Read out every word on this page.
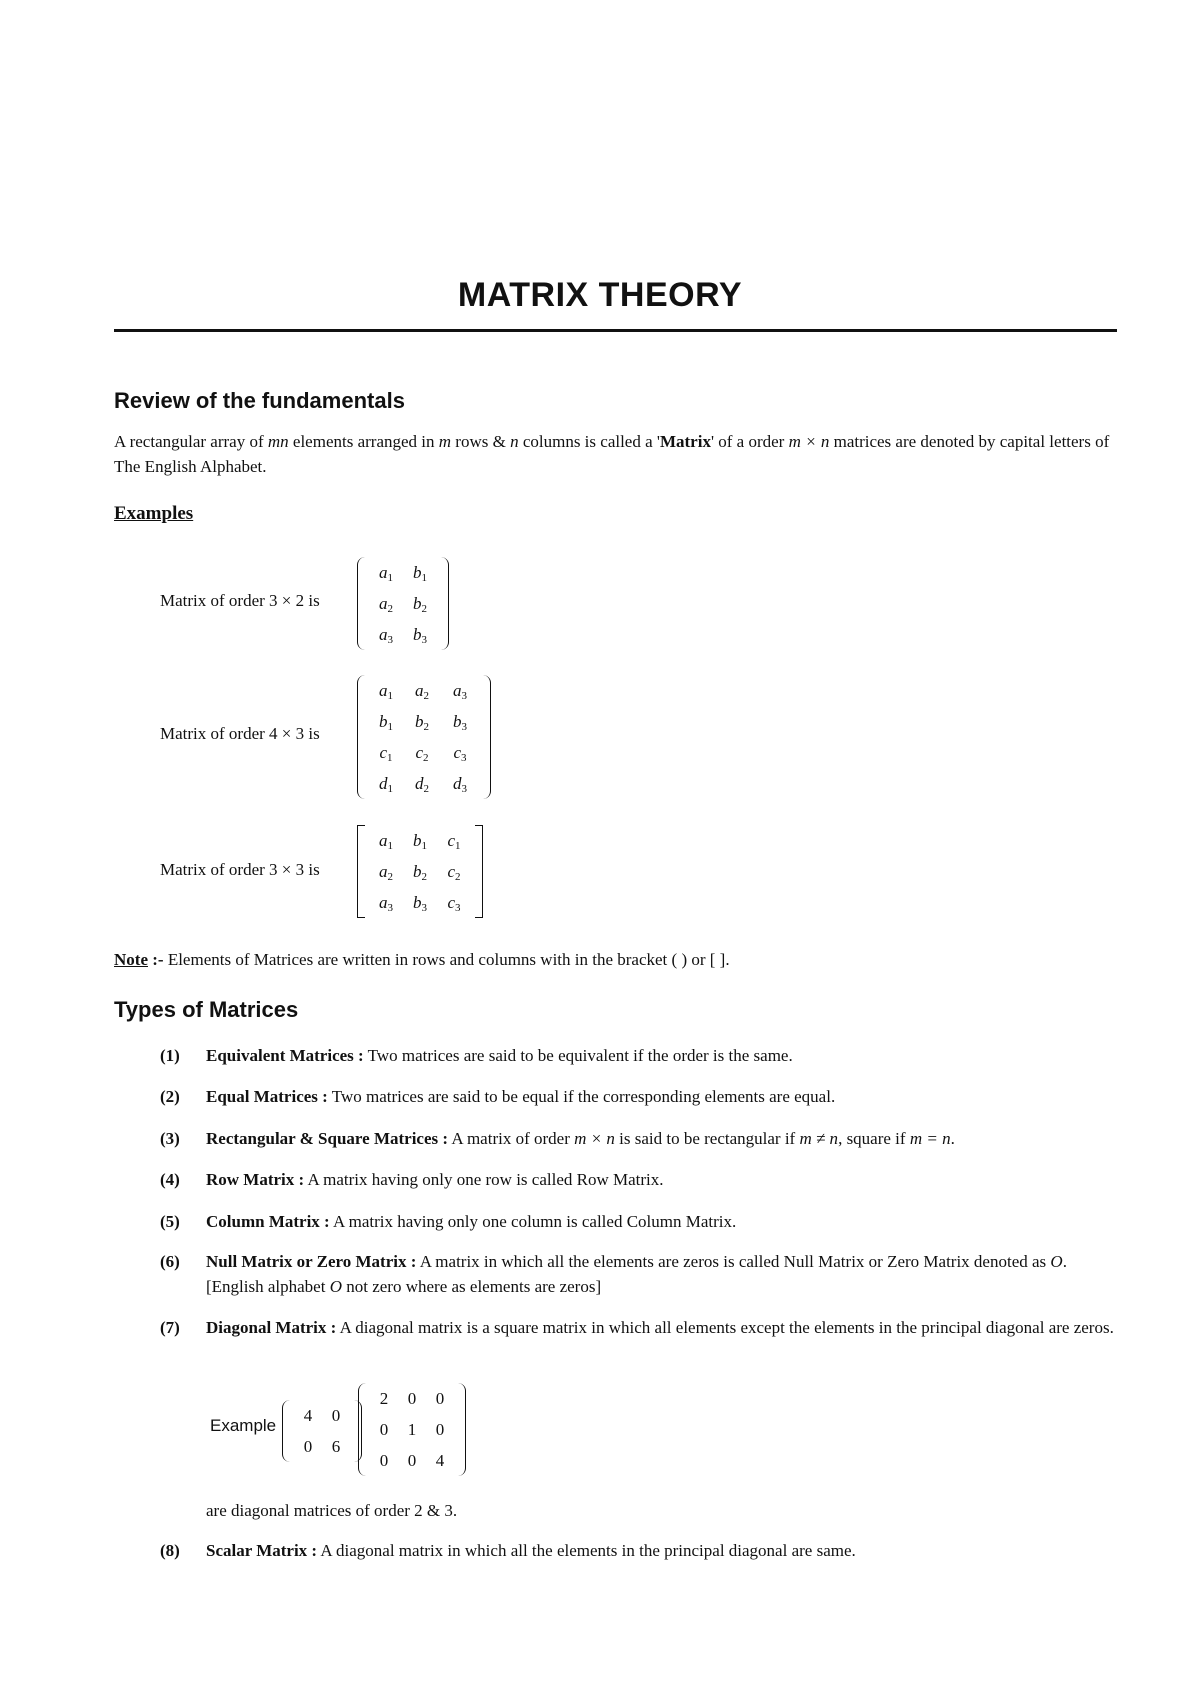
MATRIX THEORY
Review of the fundamentals
A rectangular array of mn elements arranged in m rows & n columns is called a 'Matrix' of a order m × n matrices are denoted by capital letters of The English Alphabet.
Examples
Matrix of order 3 × 2 is
$a_1$	$b_1$
$a_2$	$b_2$
$a_3$	$b_3$
Matrix of order 4 × 3 is
$a_1$	$a_2$	$a_3$
$b_1$	$b_2$	$b_3$
$c_1$	$c_2$	$c_3$
$d_1$	$d_2$	$d_3$
Matrix of order 3 × 3 is
$a_1$	$b_1$	$c_1$
$a_2$	$b_2$	$c_2$
$a_3$	$b_3$	$c_3$
Note :- Elements of Matrices are written in rows and columns with in the bracket ( ) or [ ].
Types of Matrices
(1) Equivalent Matrices : Two matrices are said to be equivalent if the order is the same.
(2) Equal Matrices : Two matrices are said to be equal if the corresponding elements are equal.
(3) Rectangular & Square Matrices : A matrix of order m × n is said to be rectangular if m ≠ n, square if m = n.
(4) Row Matrix : A matrix having only one row is called Row Matrix.
(5) Column Matrix : A matrix having only one column is called Column Matrix.
(6) Null Matrix or Zero Matrix : A matrix in which all the elements are zeros is called Null Matrix or Zero Matrix denoted as O. [English alphabet O not zero where as elements are zeros]
(7) Diagonal Matrix : A diagonal matrix is a square matrix in which all elements except the elements in the principal diagonal are zeros.
Example
4	0
0	6
2	0	0
0	1	0
0	0	4
are diagonal matrices of order 2 & 3.
(8) Scalar Matrix : A diagonal matrix in which all the elements in the principal diagonal are same.
